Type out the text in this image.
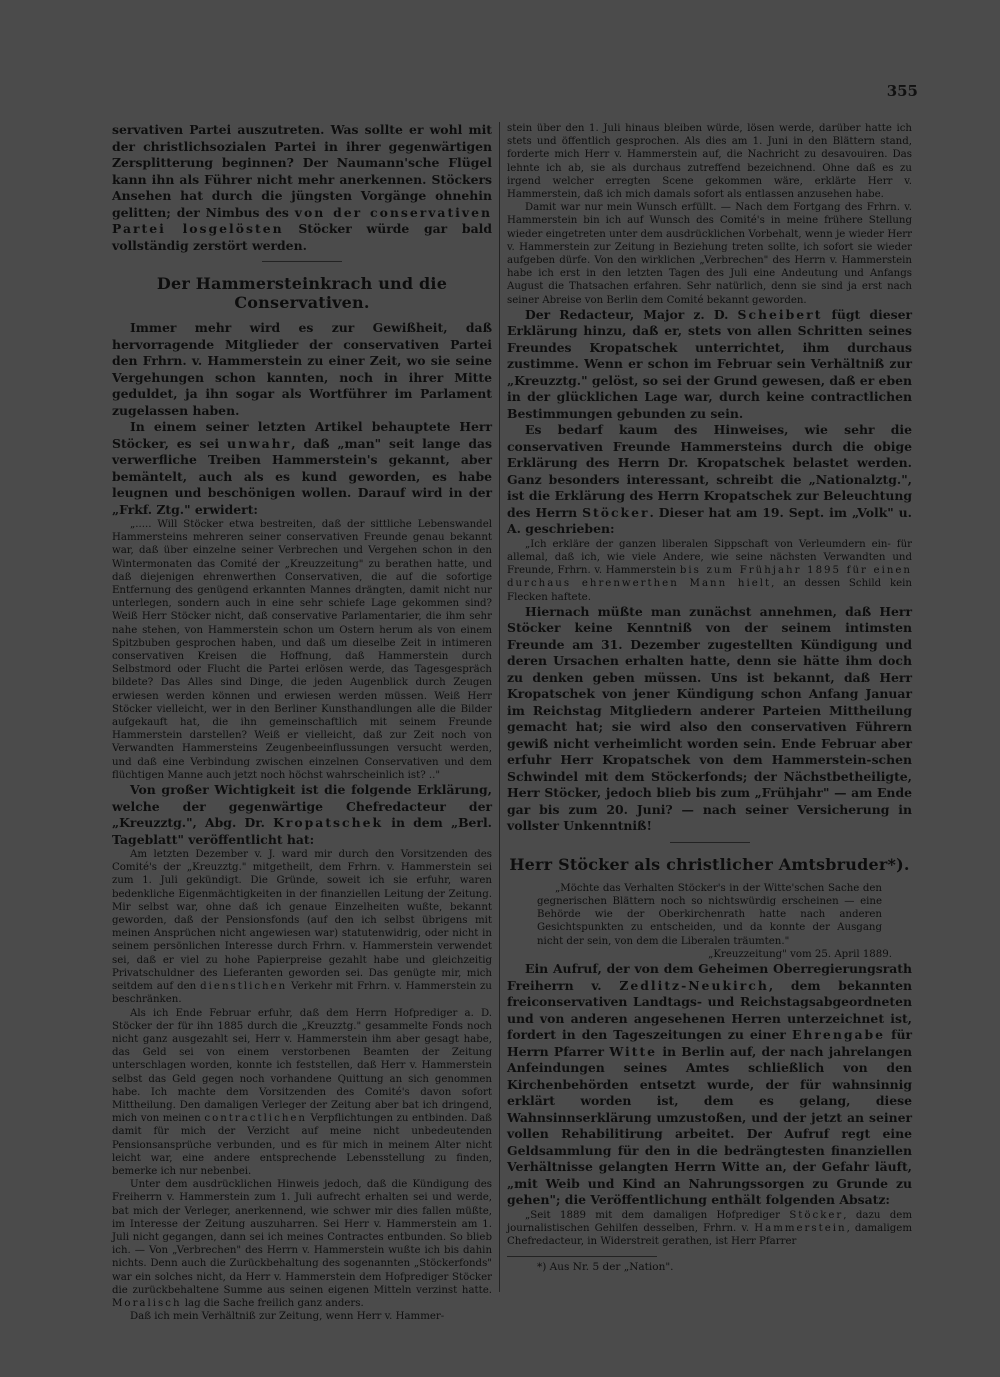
355

servativen Partei auszutreten. Was sollte er wohl mit der christlichsozialen Partei in ihrer gegenwärtigen Zersplitterung beginnen? Der Naumann'sche Flügel kann ihn als Führer nicht mehr anerkennen. Stöckers Ansehen hat durch die jüngsten Vorgänge ohnehin gelitten; der Nimbus des von der conservativen Partei losgelösten Stöcker würde gar bald vollständig zerstört werden.

Der Hammersteinkrach und die Conservativen.

Immer mehr wird es zur Gewißheit, daß hervorragende Mitglieder der conservativen Partei den Frhrn. v. Hammerstein zu einer Zeit, wo sie seine Vergehungen schon kannten, noch in ihrer Mitte geduldet, ja ihn sogar als Wortführer im Parlament zugelassen haben.

In einem seiner letzten Artikel behauptete Herr Stöcker, es sei unwahr, daß „man" seit lange das verwerfliche Treiben Hammerstein's gekannt, aber bemäntelt, auch als es kund geworden, es habe leugnen und beschönigen wollen. Darauf wird in der „Frkf. Ztg." erwidert:

„..... Will Stöcker etwa bestreiten, daß der sittliche Lebenswandel Hammersteins mehreren seiner conservativen Freunde genau bekannt war, daß über einzelne seiner Verbrechen und Vergehen schon in den Wintermonaten das Comité der „Kreuzzeitung" zu berathen hatte, und daß diejenigen ehrenwerthen Conservativen, die auf die sofortige Entfernung des genügend erkannten Mannes drängten, damit nicht nur unterlegen, sondern auch in eine sehr schiefe Lage gekommen sind? Weiß Herr Stöcker nicht, daß conservative Parlamentarier, die ihm sehr nahe stehen, von Hammerstein schon um Ostern herum als von einem Spitzbuben gesprochen haben, und daß um dieselbe Zeit in intimeren conservativen Kreisen die Hoffnung, daß Hammerstein durch Selbstmord oder Flucht die Partei erlösen werde, das Tagesgespräch bildete? Das Alles sind Dinge, die jeden Augenblick durch Zeugen erwiesen werden können und erwiesen werden müssen. Weiß Herr Stöcker vielleicht, wer in den Berliner Kunsthandlungen alle die Bilder aufgekauft hat, die ihn gemeinschaftlich mit seinem Freunde Hammerstein darstellen? Weiß er vielleicht, daß zur Zeit noch von Verwandten Hammersteins Zeugenbeeinflussungen versucht werden, und daß eine Verbindung zwischen einzelnen Conservativen und dem flüchtigen Manne auch jetzt noch höchst wahrscheinlich ist? .."

Von großer Wichtigkeit ist die folgende Erklärung, welche der gegenwärtige Chefredacteur der „Kreuzztg.", Abg. Dr. Kropatschek in dem „Berl. Tageblatt" veröffentlicht hat:

Am letzten Dezember v. J. ward mir durch den Vorsitzenden des Comité's der „Kreuzztg." mitgetheilt, dem Frhrn. v. Hammerstein sei zum 1. Juli gekündigt. Die Gründe, soweit ich sie erfuhr, waren bedenkliche Eigenmächtigkeiten in der finanziellen Leitung der Zeitung. Mir selbst war, ohne daß ich genaue Einzelheiten wußte, bekannt geworden, daß der Pensionsfonds (auf den ich selbst übrigens mit meinen Ansprüchen nicht angewiesen war) statutenwidrig, oder nicht in seinem persönlichen Interesse durch Frhrn. v. Hammerstein verwendet sei, daß er viel zu hohe Papierpreise gezahlt habe und gleichzeitig Privatschuldner des Lieferanten geworden sei. Das genügte mir, mich seitdem auf den dienstlichen Verkehr mit Frhrn. v. Hammerstein zu beschränken.

Als ich Ende Februar erfuhr, daß dem Herrn Hofprediger a. D. Stöcker der für ihn 1885 durch die „Kreuzztg." gesammelte Fonds noch nicht ganz ausgezahlt sei, Herr v. Hammerstein ihm aber gesagt habe, das Geld sei von einem verstorbenen Beamten der Zeitung unterschlagen worden, konnte ich feststellen, daß Herr v. Hammerstein selbst das Geld gegen noch vorhandene Quittung an sich genommen habe. Ich machte dem Vorsitzenden des Comité's davon sofort Mittheilung. Den damaligen Verleger der Zeitung aber bat ich dringend, mich von meinen contractlichen Verpflichtungen zu entbinden. Daß damit für mich der Verzicht auf meine nicht unbedeutenden Pensionsansprüche verbunden, und es für mich in meinem Alter nicht leicht war, eine andere entsprechende Lebensstellung zu finden, bemerke ich nur nebenbei.

Unter dem ausdrücklichen Hinweis jedoch, daß die Kündigung des Freiherrn v. Hammerstein zum 1. Juli aufrecht erhalten sei und werde, bat mich der Verleger, anerkennend, wie schwer mir dies fallen müßte, im Interesse der Zeitung auszuharren. Sei Herr v. Hammerstein am 1. Juli nicht gegangen, dann sei ich meines Contractes entbunden. So blieb ich. — Von „Verbrechen" des Herrn v. Hammerstein wußte ich bis dahin nichts. Denn auch die Zurückbehaltung des sogenannten „Stöckerfonds" war ein solches nicht, da Herr v. Hammerstein dem Hofprediger Stöcker die zurückbehaltene Summe aus seinen eigenen Mitteln verzinst hatte. Moralisch lag die Sache freilich ganz anders.

Daß ich mein Verhältniß zur Zeitung, wenn Herr v. Hammer-

stein über den 1. Juli hinaus bleiben würde, lösen werde, darüber hatte ich stets und öffentlich gesprochen. Als dies am 1. Juni in den Blättern stand, forderte mich Herr v. Hammerstein auf, die Nachricht zu desavouiren. Das lehnte ich ab, sie als durchaus zutreffend bezeichnend. Ohne daß es zu irgend welcher erregten Scene gekommen wäre, erklärte Herr v. Hammerstein, daß ich mich damals sofort als entlassen anzusehen habe.

Damit war nur mein Wunsch erfüllt. — Nach dem Fortgang des Frhrn. v. Hammerstein bin ich auf Wunsch des Comité's in meine frühere Stellung wieder eingetreten unter dem ausdrücklichen Vorbehalt, wenn je wieder Herr v. Hammerstein zur Zeitung in Beziehung treten sollte, ich sofort sie wieder aufgeben dürfe. Von den wirklichen „Verbrechen" des Herrn v. Hammerstein habe ich erst in den letzten Tagen des Juli eine Andeutung und Anfangs August die Thatsachen erfahren. Sehr natürlich, denn sie sind ja erst nach seiner Abreise von Berlin dem Comité bekannt geworden.

Der Redacteur, Major z. D. Scheibert fügt dieser Erklärung hinzu, daß er, stets von allen Schritten seines Freundes Kropatschek unterrichtet, ihm durchaus zustimme. Wenn er schon im Februar sein Verhältniß zur „Kreuzztg." gelöst, so sei der Grund gewesen, daß er eben in der glücklichen Lage war, durch keine contractlichen Bestimmungen gebunden zu sein.

Es bedarf kaum des Hinweises, wie sehr die conservativen Freunde Hammersteins durch die obige Erklärung des Herrn Dr. Kropatschek belastet werden. Ganz besonders interessant, schreibt die „Nationalztg.", ist die Erklärung des Herrn Kropatschek zur Beleuchtung des Herrn Stöcker. Dieser hat am 19. Sept. im „Volk" u. A. geschrieben:

„Ich erkläre der ganzen liberalen Sippschaft von Verleumdern ein- für allemal, daß ich, wie viele Andere, wie seine nächsten Verwandten und Freunde, Frhrn. v. Hammerstein bis zum Frühjahr 1895 für einen durchaus ehrenwerthen Mann hielt, an dessen Schild kein Flecken haftete.

Hiernach müßte man zunächst annehmen, daß Herr Stöcker keine Kenntniß von der seinem intimsten Freunde am 31. Dezember zugestellten Kündigung und deren Ursachen erhalten hatte, denn sie hätte ihm doch zu denken geben müssen. Uns ist bekannt, daß Herr Kropatschek von jener Kündigung schon Anfang Januar im Reichstag Mitgliedern anderer Parteien Mittheilung gemacht hat; sie wird also den conservativen Führern gewiß nicht verheimlicht worden sein. Ende Februar aber erfuhr Herr Kropatschek von dem Hammerstein-schen Schwindel mit dem Stöckerfonds; der Nächstbetheiligte, Herr Stöcker, jedoch blieb bis zum „Frühjahr" — am Ende gar bis zum 20. Juni? — nach seiner Versicherung in vollster Unkenntniß!

Herr Stöcker als christlicher Amtsbruder*).

„Möchte das Verhalten Stöcker's in der Witte'schen Sache den gegnerischen Blättern noch so nichtswürdig erscheinen — eine Behörde wie der Oberkirchenrath hatte nach anderen Gesichtspunkten zu entscheiden, und da konnte der Ausgang nicht der sein, von dem die Liberalen träumten."

„Kreuzzeitung" vom 25. April 1889.

Ein Aufruf, der von dem Geheimen Oberregierungsrath Freiherrn v. Zedlitz-Neukirch, dem bekannten freiconservativen Landtags- und Reichstagsabgeordneten und von anderen angesehenen Herren unterzeichnet ist, fordert in den Tageszeitungen zu einer Ehrengabe für Herrn Pfarrer Witte in Berlin auf, der nach jahrelangen Anfeindungen seines Amtes schließlich von den Kirchenbehörden entsetzt wurde, der für wahnsinnig erklärt worden ist, dem es gelang, diese Wahnsinnserklärung umzustoßen, und der jetzt an seiner vollen Rehabilitirung arbeitet. Der Aufruf regt eine Geldsammlung für den in die bedrängtesten finanziellen Verhältnisse gelangten Herrn Witte an, der Gefahr läuft, „mit Weib und Kind an Nahrungssorgen zu Grunde zu gehen"; die Veröffentlichung enthält folgenden Absatz:

„Seit 1889 mit dem damaligen Hofprediger Stöcker, dazu dem journalistischen Gehilfen desselben, Frhrn. v. Hammerstein, damaligem Chefredacteur, in Widerstreit gerathen, ist Herr Pfarrer

*) Aus Nr. 5 der „Nation".
